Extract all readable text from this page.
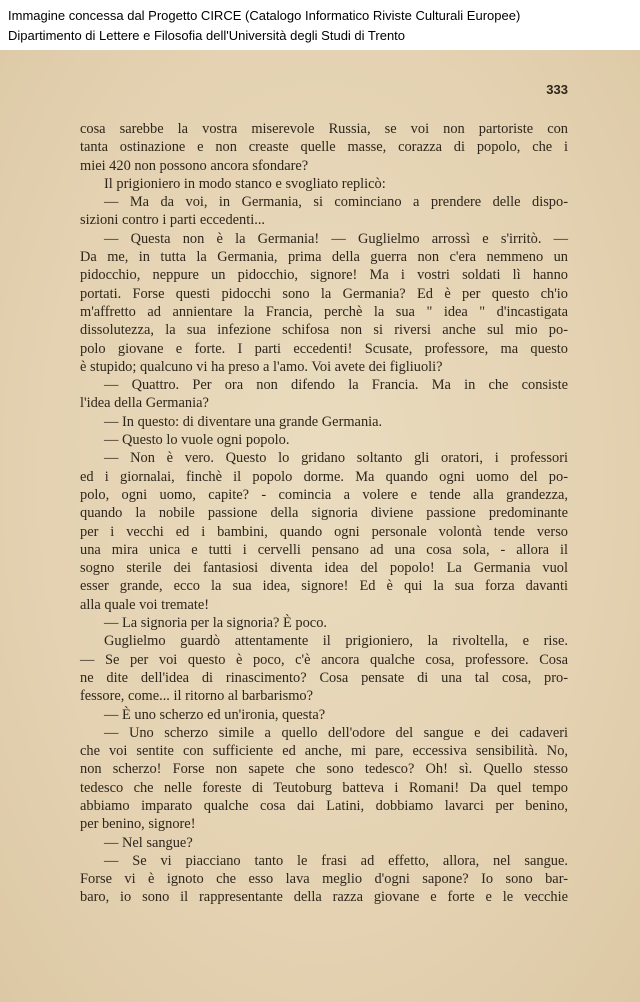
Immagine concessa dal Progetto CIRCE (Catalogo Informatico Riviste Culturali Europee)
Dipartimento di Lettere e Filosofia dell'Università degli Studi di Trento
333
cosa sarebbe la vostra miserevole Russia, se voi non partoriste con
tanta ostinazione e non creaste quelle masse, corazza di popolo, che i
miei 420 non possono ancora sfondare?
Il prigioniero in modo stanco e svogliato replicò:
— Ma da voi, in Germania, si cominciano a prendere delle dispo-
sizioni contro i parti eccedenti...
— Questa non è la Germania! — Guglielmo arrossì e s'irritò. —
Da me, in tutta la Germania, prima della guerra non c'era nemmeno un
pidocchio, neppure un pidocchio, signore! Ma i vostri soldati lì hanno
portati. Forse questi pidocchi sono la Germania? Ed è per questo ch'io
m'affretto ad annientare la Francia, perchè la sua " idea " d'incastigata
dissolutezza, la sua infezione schifosa non si riversi anche sul mio po-
polo giovane e forte. I parti eccedenti! Scusate, professore, ma questo
è stupido; qualcuno vi ha preso a l'amo. Voi avete dei figliuoli?
— Quattro. Per ora non difendo la Francia. Ma in che consiste
l'idea della Germania?
— In questo: di diventare una grande Germania.
— Questo lo vuole ogni popolo.
— Non è vero. Questo lo gridano soltanto gli oratori, i professori
ed i giornalai, finchè il popolo dorme. Ma quando ogni uomo del po-
polo, ogni uomo, capite? - comincia a volere e tende alla grandezza,
quando la nobile passione della signoria diviene passione predominante
per i vecchi ed i bambini, quando ogni personale volontà tende verso
una mira unica e tutti i cervelli pensano ad una cosa sola, - allora il
sogno sterile dei fantasiosi diventa idea del popolo! La Germania vuol
esser grande, ecco la sua idea, signore! Ed è qui la sua forza davanti
alla quale voi tremate!
— La signoria per la signoria? È poco.
Guglielmo guardò attentamente il prigioniero, la rivoltella, e rise.
— Se per voi questo è poco, c'è ancora qualche cosa, professore. Cosa
ne dite dell'idea di rinascimento? Cosa pensate di una tal cosa, pro-
fessore, come... il ritorno al barbarismo?
— È uno scherzo ed un'ironia, questa?
— Uno scherzo simile a quello dell'odore del sangue e dei cadaveri
che voi sentite con sufficiente ed anche, mi pare, eccessiva sensibilità. No,
non scherzo! Forse non sapete che sono tedesco? Oh! sì. Quello stesso
tedesco che nelle foreste di Teutoburg batteva i Romani! Da quel tempo
abbiamo imparato qualche cosa dai Latini, dobbiamo lavarci per benino,
per benino, signore!
— Nel sangue?
— Se vi piacciano tanto le frasi ad effetto, allora, nel sangue.
Forse vi è ignoto che esso lava meglio d'ogni sapone? Io sono bar-
baro, io sono il rappresentante della razza giovane e forte e le vecchie
